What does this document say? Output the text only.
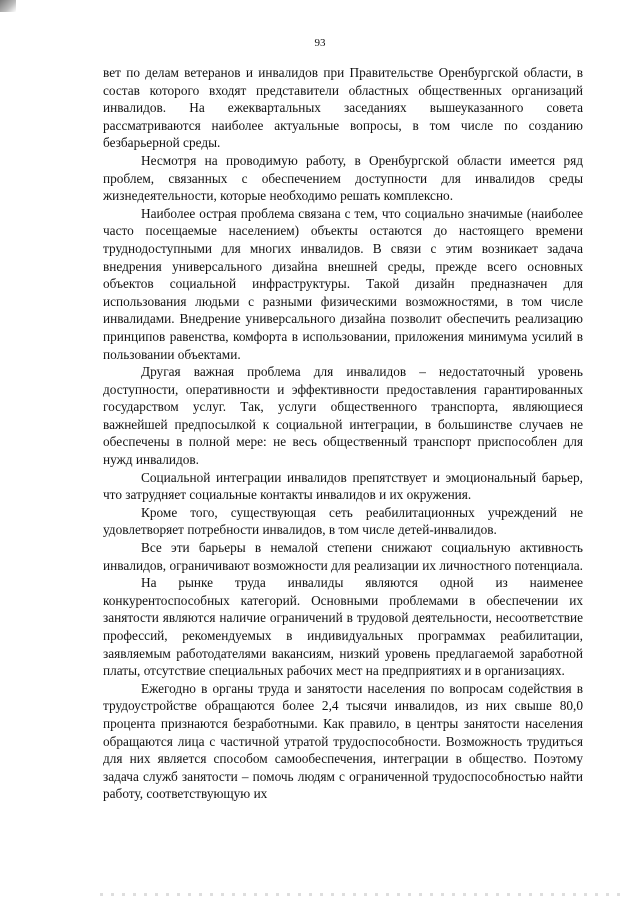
93

вет по делам ветеранов и инвалидов при Правительстве Оренбургской области, в состав которого входят представители областных общественных организаций инвалидов. На ежеквартальных заседаниях вышеуказанного совета рассматриваются наиболее актуальные вопросы, в том числе по созданию безбарьерной среды.

Несмотря на проводимую работу, в Оренбургской области имеется ряд проблем, связанных с обеспечением доступности для инвалидов среды жизнедеятельности, которые необходимо решать комплексно.

Наиболее острая проблема связана с тем, что социально значимые (наиболее часто посещаемые населением) объекты остаются до настоящего времени труднодоступными для многих инвалидов. В связи с этим возникает задача внедрения универсального дизайна внешней среды, прежде всего основных объектов социальной инфраструктуры. Такой дизайн предназначен для использования людьми с разными физическими возможностями, в том числе инвалидами. Внедрение универсального дизайна позволит обеспечить реализацию принципов равенства, комфорта в использовании, приложения минимума усилий в пользовании объектами.

Другая важная проблема для инвалидов – недостаточный уровень доступности, оперативности и эффективности предоставления гарантированных государством услуг. Так, услуги общественного транспорта, являющиеся важнейшей предпосылкой к социальной интеграции, в большинстве случаев не обеспечены в полной мере: не весь общественный транспорт приспособлен для нужд инвалидов.

Социальной интеграции инвалидов препятствует и эмоциональный барьер, что затрудняет социальные контакты инвалидов и их окружения.

Кроме того, существующая сеть реабилитационных учреждений не удовлетворяет потребности инвалидов, в том числе детей-инвалидов.

Все эти барьеры в немалой степени снижают социальную активность инвалидов, ограничивают возможности для реализации их личностного потенциала.

На рынке труда инвалиды являются одной из наименее конкурентоспособных категорий. Основными проблемами в обеспечении их занятости являются наличие ограничений в трудовой деятельности, несоответствие профессий, рекомендуемых в индивидуальных программах реабилитации, заявляемым работодателями вакансиям, низкий уровень предлагаемой заработной платы, отсутствие специальных рабочих мест на предприятиях и в организациях.

Ежегодно в органы труда и занятости населения по вопросам содействия в трудоустройстве обращаются более 2,4 тысячи инвалидов, из них свыше 80,0 процента признаются безработными. Как правило, в центры занятости населения обращаются лица с частичной утратой трудоспособности. Возможность трудиться для них является способом самообеспечения, интеграции в общество. Поэтому задача служб занятости – помочь людям с ограниченной трудоспособностью найти работу, соответствующую их
